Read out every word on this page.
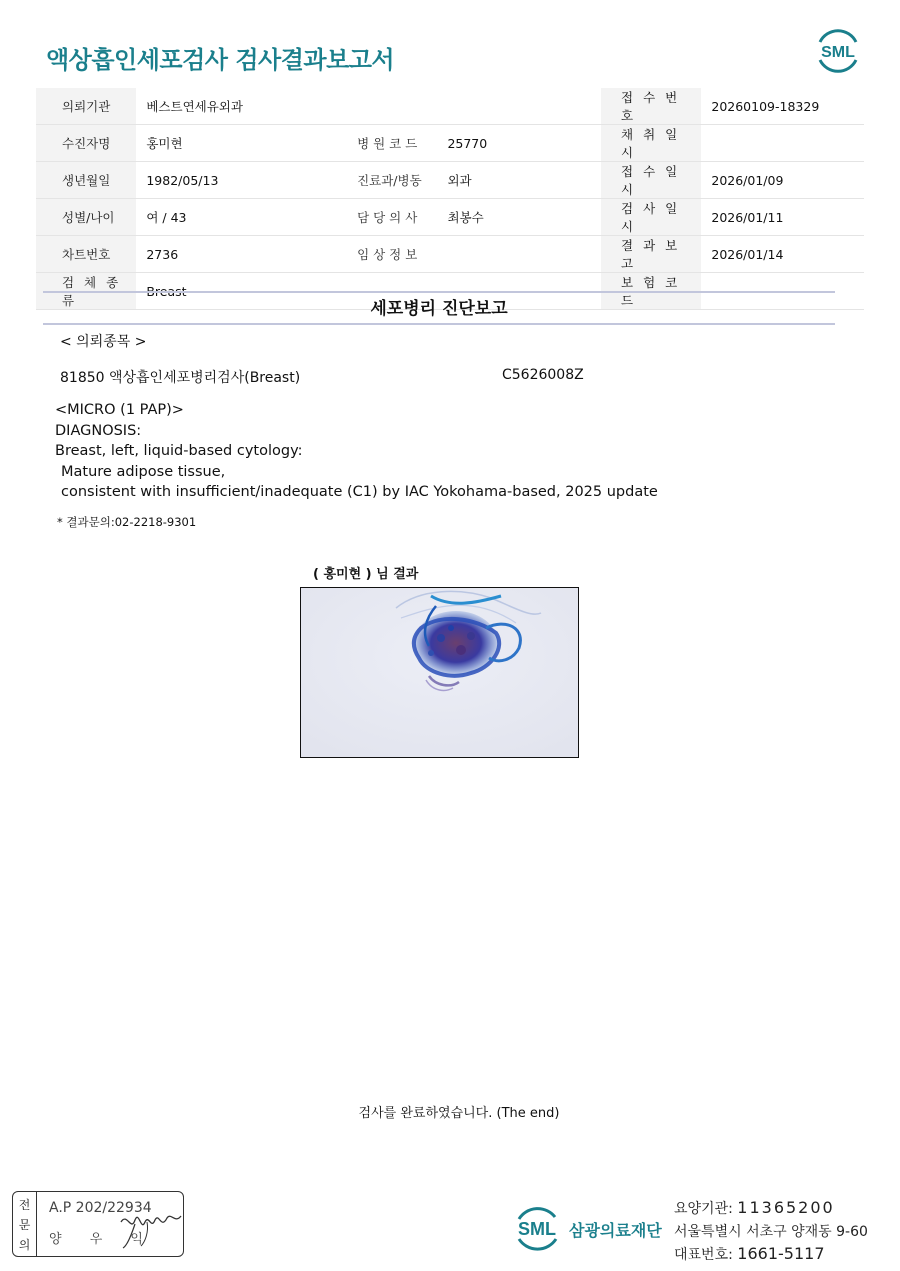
액상흡인세포검사 검사결과보고서	SML
의뢰기관	베스트연세유외과			접 수 번 호	20260109-18329
수진자명	홍미현	병 원 코 드	25770	채 취 일 시	
생년월일	1982/05/13	진료과/병동	외과	접 수 일 시	2026/01/09
성별/나이	여 / 43	담 당 의 사	최봉수	검 사 일 시	2026/01/11
차트번호	2736	임 상 정 보		결 과 보 고	2026/01/14
검 체 종 류	Breast			보 험 코 드	
세포병리 진단보고
< 의뢰종목 >
81850 액상흡인세포병리검사(Breast)	C5626008Z
<MICRO (1 PAP)>
DIAGNOSIS:
Breast, left, liquid-based cytology:
Mature adipose tissue,
consistent with insufficient/inadequate (C1) by IAC Yokohama-based, 2025 update
* 결과문의:02-2218-9301
( 홍미현 ) 님 결과
검사를 완료하였습니다. (The end)
전
문
의
A.P 202/22934
양 우 익
SML 삼광의료재단
요양기관: 11365200
서울특별시 서초구 양재동 9-60
대표번호: 1661-5117
